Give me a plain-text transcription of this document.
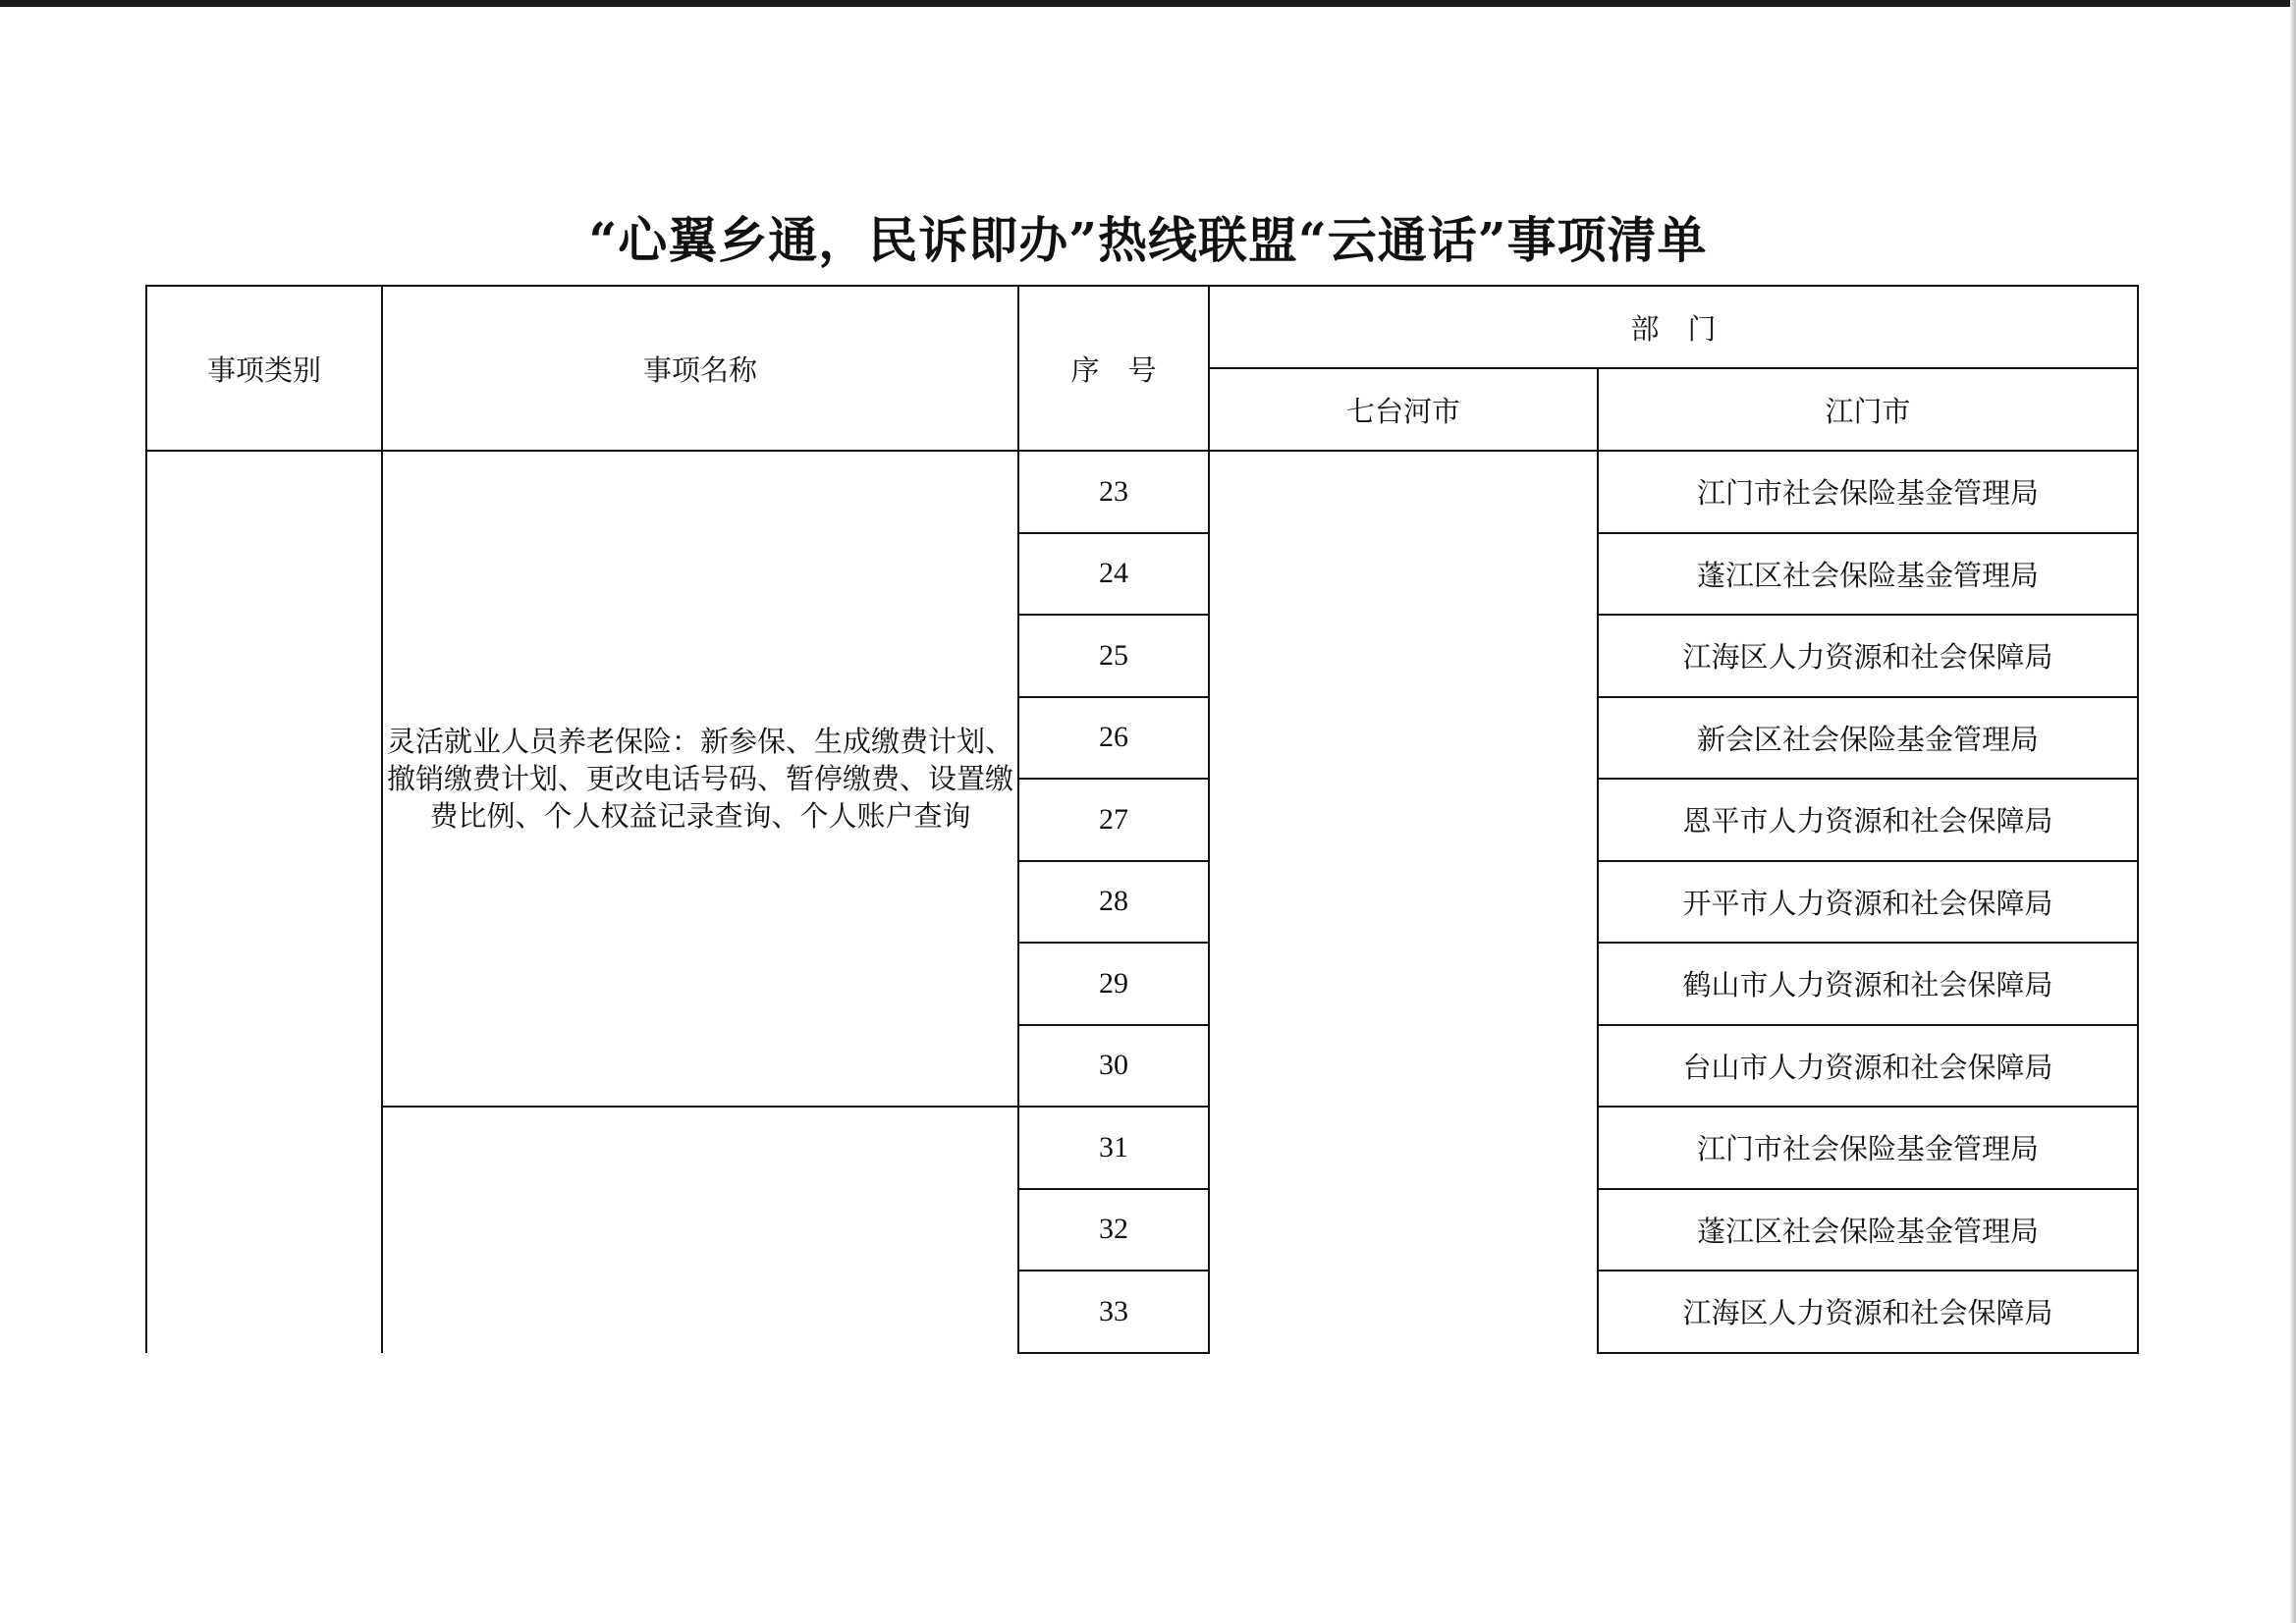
“心翼乡通，民诉即办”热线联盟“云通话”事项清单
事项类别	事项名称	序　号	部　门	
			七台河市	江门市
	灵活就业人员养老保险：新参保、生成缴费计划、撤销缴费计划、更改电话号码、暂停缴费、设置缴费比例、个人权益记录查询、个人账户查询	23		江门市社会保险基金管理局
		24		蓬江区社会保险基金管理局
		25		江海区人力资源和社会保障局
		26		新会区社会保险基金管理局
		27		恩平市人力资源和社会保障局
		28		开平市人力资源和社会保障局
		29		鹤山市人力资源和社会保障局
		30		台山市人力资源和社会保障局
		31		江门市社会保险基金管理局
		32		蓬江区社会保险基金管理局
		33		江海区人力资源和社会保障局
